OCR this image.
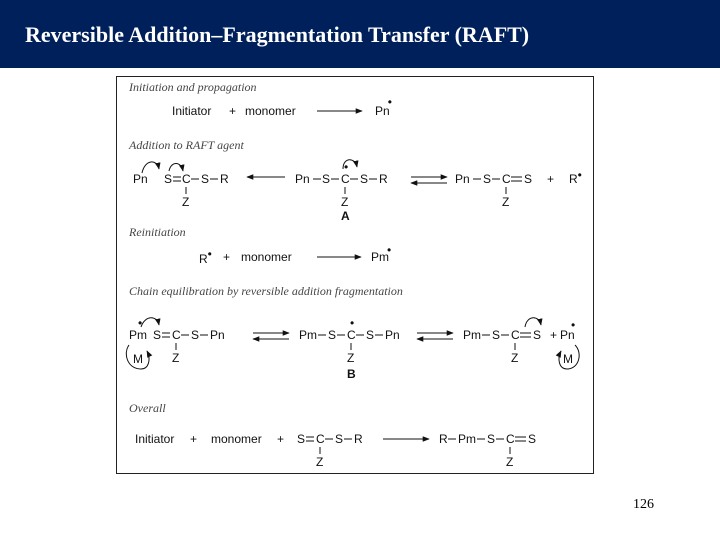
Reversible Addition–Fragmentation Transfer (RAFT)
Initiation and propagation
Initiator + monomer	Pn•
Addition to RAFT agent
Pn S C S R
Z
Pn S C
•
S R
Z
A
Pn S C S
Z
+ R•
Reinitiation
R• + monomer	Pm•
Chain equilibration by reversible addition fragmentation
Pm
•
M
S C S Pn
Z
Pm S C
•
S Pn
Z
B
Pm S C S
Z
+ Pn
•
M
Overall
Initiator + monomer + S C S R
Z
R Pm S C S
Z
126
